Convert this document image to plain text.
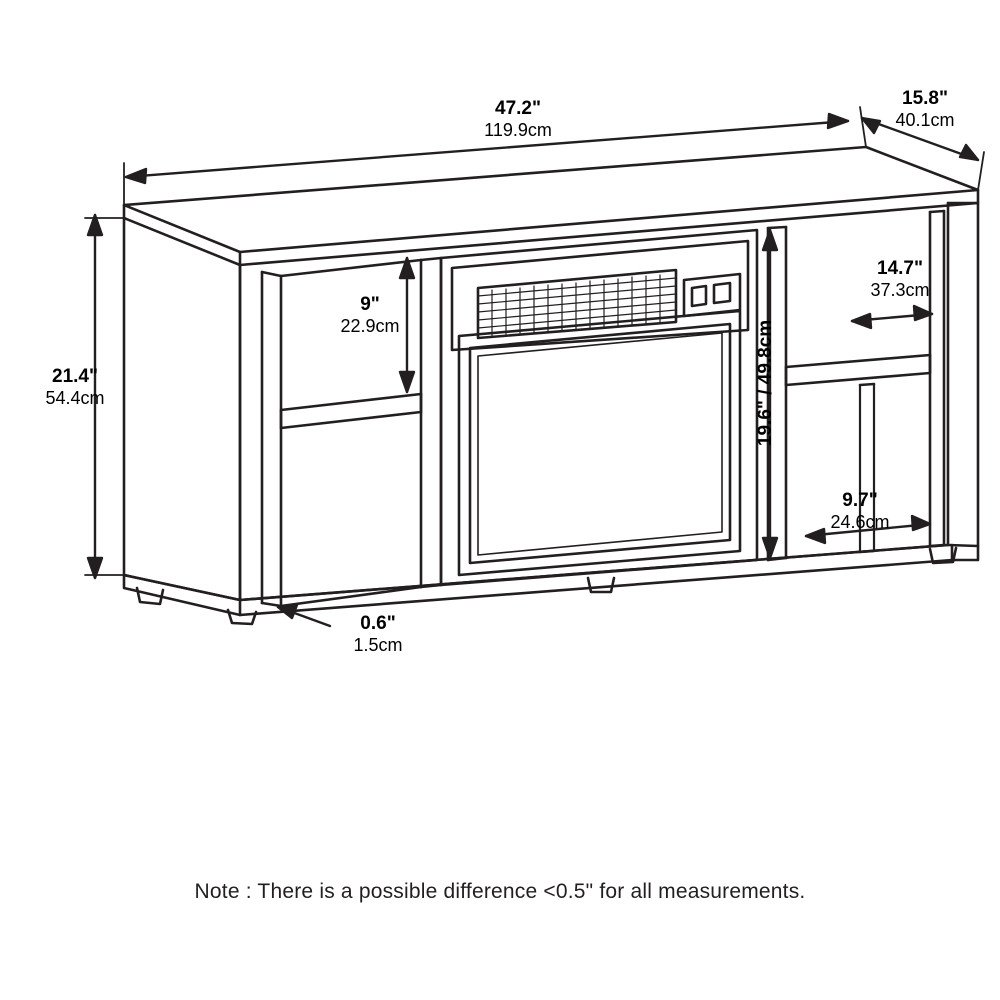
47.2"
119.9cm
15.8"
40.1cm
21.4"
54.4cm
9"
22.9cm
19.6" / 49.8cm
14.7"
37.3cm
9.7"
24.6cm
0.6"
1.5cm
Note : There is a possible difference <0.5" for all measurements.
